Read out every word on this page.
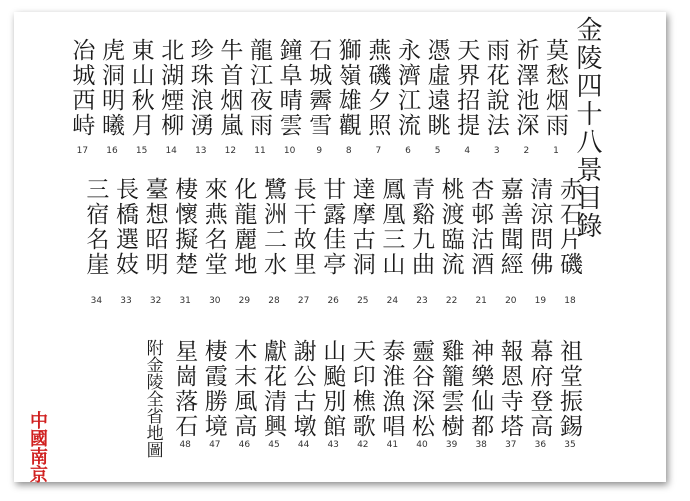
金陵四十八景目錄
莫愁烟雨
1
祈澤池深
2
雨花說法
3
天界招提
4
憑虛遠眺
5
永濟江流
6
燕磯夕照
7
獅嶺雄觀
8
石城霽雪
9
鐘阜晴雲
10
龍江夜雨
11
牛首烟嵐
12
珍珠浪湧
13
北湖煙柳
14
東山秋月
15
虎洞明曦
16
冶城西峙
17
赤石片磯
18
清涼問佛
19
嘉善聞經
20
杏邨沽酒
21
桃渡臨流
22
青谿九曲
23
鳳凰三山
24
達摩古洞
25
甘露佳亭
26
長干故里
27
鷺洲二水
28
化龍麗地
29
來燕名堂
30
棲懷擬楚
31
臺想昭明
32
長橋選妓
33
三宿名崖
34
祖堂振錫
35
幕府登高
36
報恩寺塔
37
神樂仙都
38
雞籠雲樹
39
靈谷深松
40
泰淮漁唱
41
天印樵歌
42
山颱別館
43
謝公古墩
44
獻花清興
45
木末風高
46
棲霞勝境
47
星崗落石
48
附金陵全省地圖
中國南京
